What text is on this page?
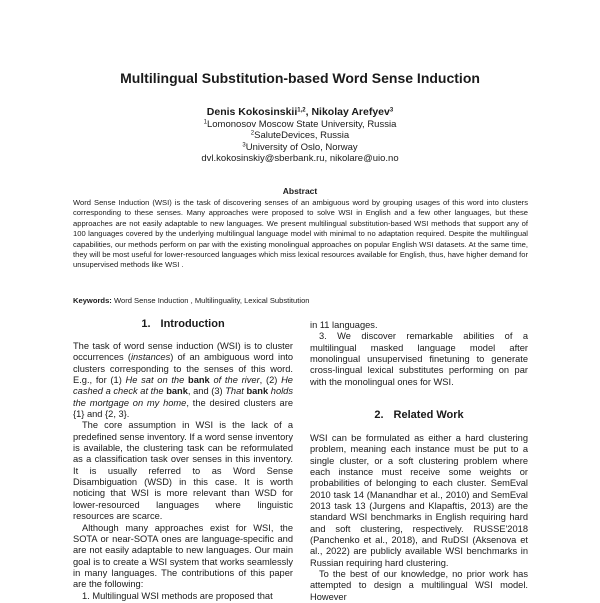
Multilingual Substitution-based Word Sense Induction
Denis Kokosinskii$^{1,2}$, Nikolay Arefyev$^3$
$^1$Lomonosov Moscow State University, Russia
$^2$SaluteDevices, Russia
$^3$University of Oslo, Norway
dvl.kokosinskiy@sberbank.ru, nikolare@uio.no
Abstract
Word Sense Induction (WSI) is the task of discovering senses of an ambiguous word by grouping usages of this word into clusters corresponding to these senses. Many approaches were proposed to solve WSI in English and a few other languages, but these approaches are not easily adaptable to new languages. We present multilingual substitution-based WSI methods that support any of 100 languages covered by the underlying multilingual language model with minimal to no adaptation required. Despite the multilingual capabilities, our methods perform on par with the existing monolingual approaches on popular English WSI datasets. At the same time, they will be most useful for lower-resourced languages which miss lexical resources available for English, thus, have higher demand for unsupervised methods like WSI .
Keywords: Word Sense Induction , Multilinguality, Lexical Substitution
1. Introduction

The task of word sense induction (WSI) is to cluster occurrences (instances) of an ambiguous word into clusters corresponding to the senses of this word. E.g., for (1) He sat on the bank of the river, (2) He cashed a check at the bank, and (3) That bank holds the mortgage on my home, the desired clusters are {1} and {2, 3}.

The core assumption in WSI is the lack of a predefined sense inventory. If a word sense inventory is available, the clustering task can be reformulated as a classification task over senses in this inventory. It is usually referred to as Word Sense Disambiguation (WSD) in this case. It is worth noticing that WSI is more relevant than WSD for lower-resourced languages where linguistic resources are scarce.

Although many approaches exist for WSI, the SOTA or near-SOTA ones are language-specific and are not easily adaptable to new languages. Our main goal is to create a WSI system that works seamlessly in many languages. The contributions of this paper are the following:

1. Multilingual WSI methods are proposed that

in 11 languages.

3. We discover remarkable abilities of a multilingual masked language model after monolingual unsupervised finetuning to generate cross-lingual lexical substitutes performing on par with the monolingual ones for WSI.

2. Related Work

WSI can be formulated as either a hard clustering problem, meaning each instance must be put to a single cluster, or a soft clustering problem where each instance must receive some weights or probabilities of belonging to each cluster. SemEval 2010 task 14 (Manandhar et al., 2010) and SemEval 2013 task 13 (Jurgens and Klapaftis, 2013) are the standard WSI benchmarks in English requiring hard and soft clustering, respectively. RUSSE'2018 (Panchenko et al., 2018), and RuDSI (Aksenova et al., 2022) are publicly available WSI benchmarks in Russian requiring hard clustering.

To the best of our knowledge, no prior work has attempted to design a multilingual WSI model. However
